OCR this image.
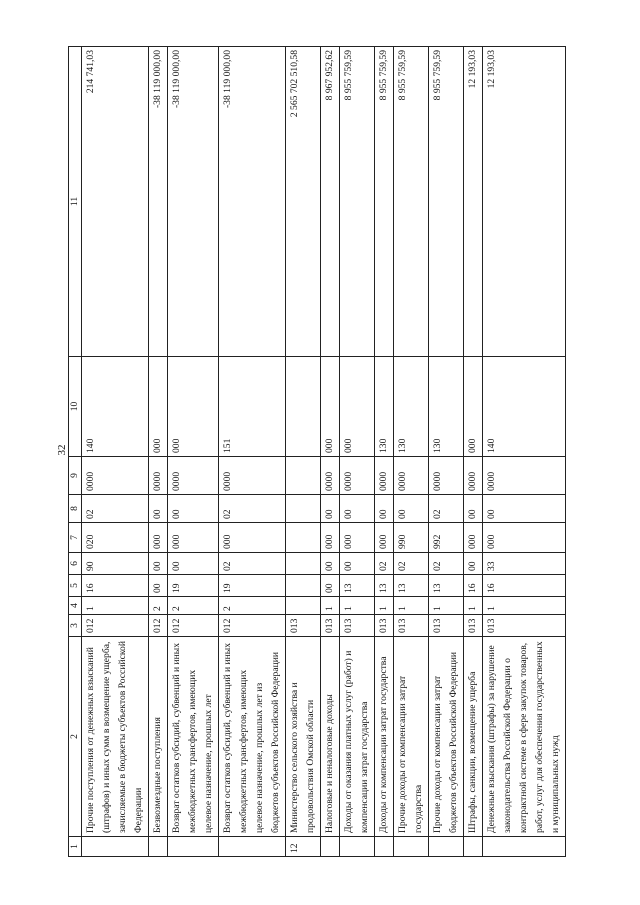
32
1	2	3	4	5	6	7	8	9	10	11
	Прочие поступления от денежных взысканий (штрафов) и иных сумм в возмещение ущерба, зачисляемые в бюджеты субъектов Российской Федерации	012	1	16	90	020	02	0000	140	214 741,03
	Безвозмездные поступления	012	2	00	00	000	00	0000	000	-38 119 000,00
	Возврат остатков субсидий, субвенций и иных межбюджетных трансфертов, имеющих целевое назначение, прошлых лет	012	2	19	00	000	00	0000	000	-38 119 000,00
	Возврат остатков субсидий, субвенций и иных межбюджетных трансфертов, имеющих целевое назначение, прошлых лет из бюджетов субъектов Российской Федерации	012	2	19	02	000	02	0000	151	-38 119 000,00
12	Министерство сельского хозяйства и продовольствия Омской области	013								2 565 702 510,58
	Налоговые и неналоговые доходы	013	1	00	00	000	00	0000	000	8 967 952,62
	Доходы от оказания платных услуг (работ) и компенсации затрат государства	013	1	13	00	000	00	0000	000	8 955 759,59
	Доходы от компенсации затрат государства	013	1	13	02	000	00	0000	130	8 955 759,59
	Прочие доходы от компенсации затрат государства	013	1	13	02	990	00	0000	130	8 955 759,59
	Прочие доходы от компенсации затрат бюджетов субъектов Российской Федерации	013	1	13	02	992	02	0000	130	8 955 759,59
	Штрафы, санкции, возмещение ущерба	013	1	16	00	000	00	0000	000	12 193,03
	Денежные взыскания (штрафы) за нарушение законодательства Российской Федерации о контрактной системе в сфере закупок товаров, работ, услуг для обеспечения государственных и муниципальных нужд	013	1	16	33	000	00	0000	140	12 193,03
